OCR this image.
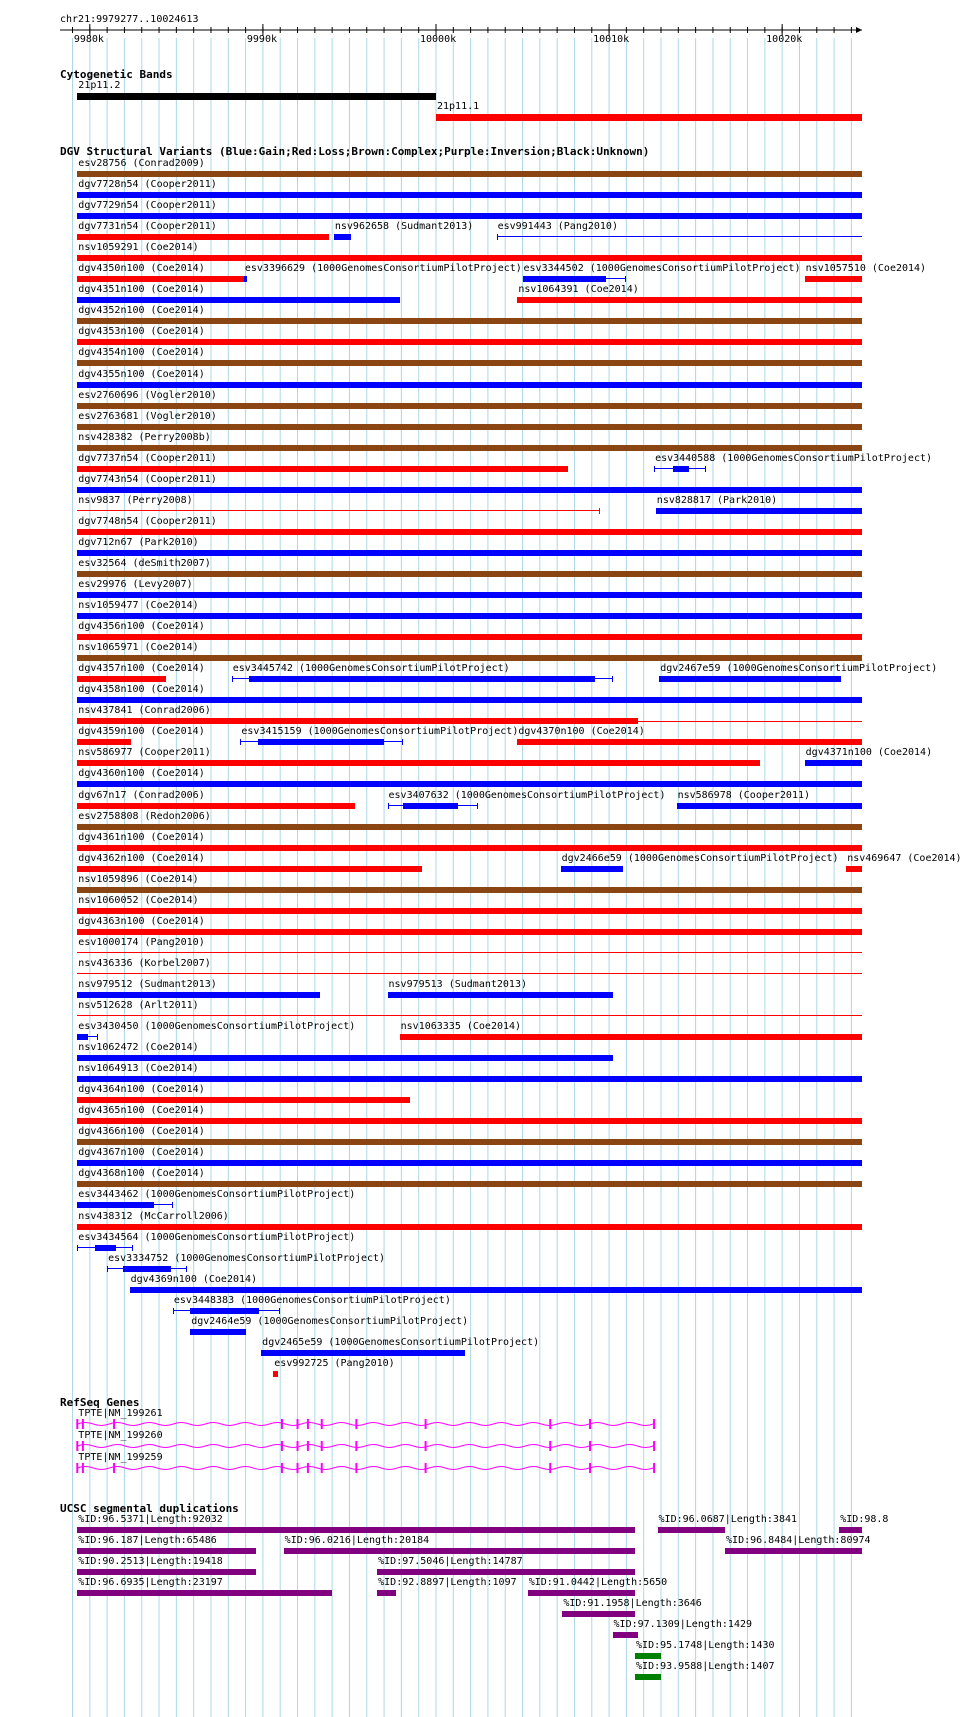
chr21:9979277..10024613
Cytogenetic Bands
21p11.2
21p11.1
DGV Structural Variants (Blue:Gain;Red:Loss;Brown:Complex;Purple:Inversion;Black:Unknown)
esv28756 (Conrad2009)
dgv7728n54 (Cooper2011)
dgv7729n54 (Cooper2011)
dgv7731n54 (Cooper2011)	nsv962658 (Sudmant2013) esv991443 (Pang2010)
nsv1059291 (Coe2014)
dgv4350n100 (Coe2014)	esv3396629 (1000GenomesConsortiumPilotProject) esv3344502 (1000GenomesConsortiumPilotProject) nsv1057510 (Coe2014)
dgv4351n100 (Coe2014)	nsv1064391 (Coe2014)
dgv4352n100 (Coe2014)
dgv4353n100 (Coe2014)
dgv4354n100 (Coe2014)
dgv4355n100 (Coe2014)
esv2760696 (Vogler2010)
esv2763681 (Vogler2010)
nsv428382 (Perry2008b)
dgv7737n54 (Cooper2011)	esv3440588 (1000GenomesConsortiumPilotProject)
dgv7743n54 (Cooper2011)
nsv9837 (Perry2008)	nsv828817 (Park2010)
dgv7748n54 (Cooper2011)
dgv712n67 (Park2010)
esv32564 (deSmith2007)
esv29976 (Levy2007)
nsv1059477 (Coe2014)
dgv4356n100 (Coe2014)
nsv1065971 (Coe2014)
dgv4357n100 (Coe2014)	esv3445742 (1000GenomesConsortiumPilotProject)	dgv2467e59 (1000GenomesConsortiumPilotProject)
dgv4358n100 (Coe2014)
nsv437841 (Conrad2006)
dgv4359n100 (Coe2014)	esv3415159 (1000GenomesConsortiumPilotProject) dgv4370n100 (Coe2014)
nsv586977 (Cooper2011)	dgv4371n100 (Coe2014)
dgv4360n100 (Coe2014)
dgv67n17 (Conrad2006)	esv3407632 (1000GenomesConsortiumPilotProject) nsv586978 (Cooper2011)
esv2758808 (Redon2006)
dgv4361n100 (Coe2014)
dgv4362n100 (Coe2014)	dgv2466e59 (1000GenomesConsortiumPilotProject) nsv469647 (Coe2014)
nsv1059896 (Coe2014)
nsv1060052 (Coe2014)
dgv4363n100 (Coe2014)
esv1000174 (Pang2010)
nsv436336 (Korbel2007)
nsv979512 (Sudmant2013)	nsv979513 (Sudmant2013)
nsv512628 (Arlt2011)
esv3430450 (1000GenomesConsortiumPilotProject)	nsv1063335 (Coe2014)
nsv1062472 (Coe2014)
nsv1064913 (Coe2014)
dgv4364n100 (Coe2014)
dgv4365n100 (Coe2014)
dgv4366n100 (Coe2014)
dgv4367n100 (Coe2014)
dgv4368n100 (Coe2014)
esv3443462 (1000GenomesConsortiumPilotProject)
nsv438312 (McCarroll2006)
esv3434564 (1000GenomesConsortiumPilotProject)
esv3334752 (1000GenomesConsortiumPilotProject)
dgv4369n100 (Coe2014)
esv3448383 (1000GenomesConsortiumPilotProject)
dgv2464e59 (1000GenomesConsortiumPilotProject)
dgv2465e59 (1000GenomesConsortiumPilotProject)
esv992725 (Pang2010)
RefSeq Genes
TPTE|NM_199261
TPTE|NM_199260
TPTE|NM_199259
UCSC segmental duplications
%ID:96.5371|Length:92032	%ID:96.0687|Length:3841	%ID:98.8
%ID:96.187|Length:65486	%ID:96.0216|Length:20184	%ID:96.8484|Length:80974
%ID:90.2513|Length:19418	%ID:97.5046|Length:14787
%ID:96.6935|Length:23197	%ID:92.8897|Length:1097 %ID:91.0442|Length:5650
%ID:91.1958|Length:3646
%ID:97.1309|Length:1429
%ID:95.1748|Length:1430
%ID:93.9588|Length:1407
9980k	9990k	10000k	10010k	10020k
